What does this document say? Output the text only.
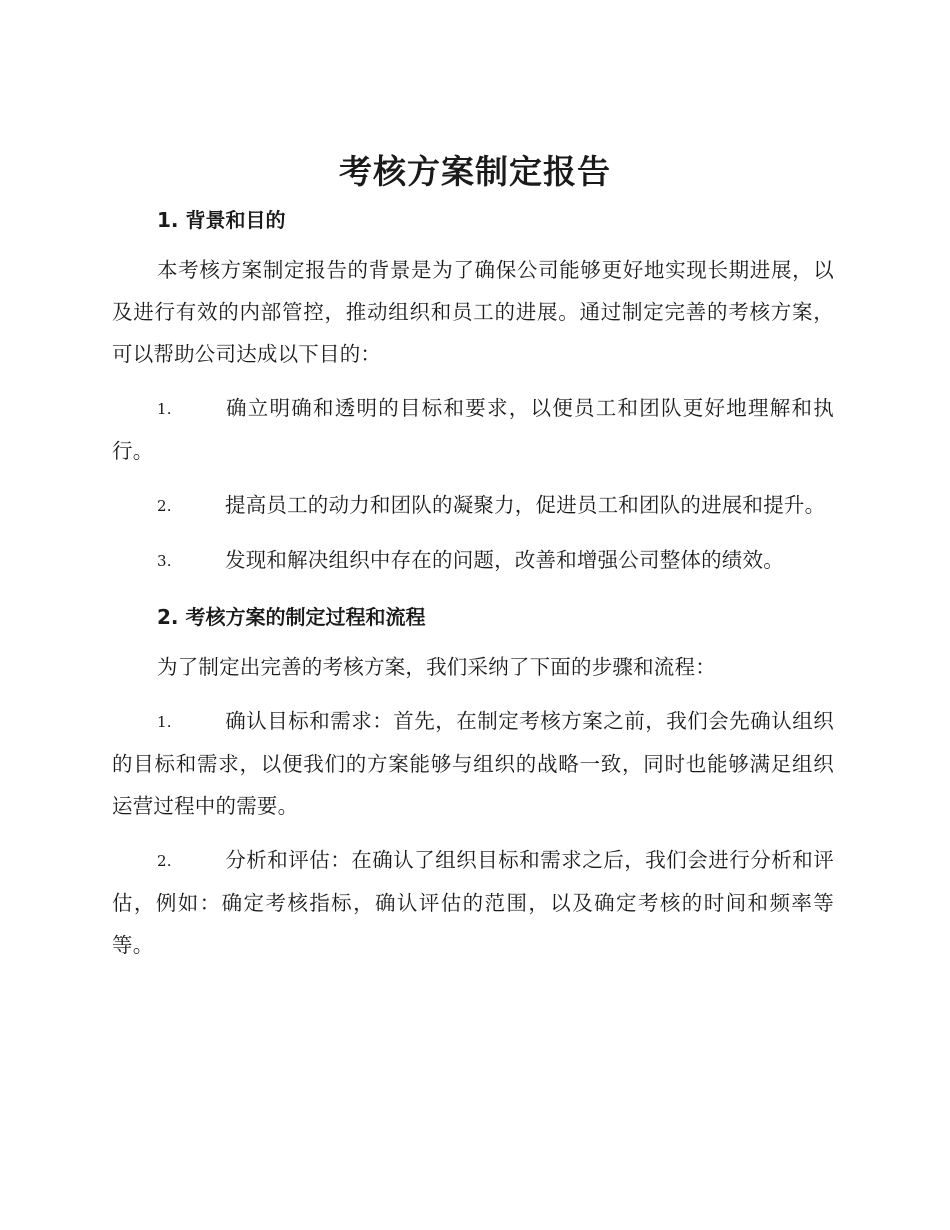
考核方案制定报告
1. 背景和目的

本考核方案制定报告的背景是为了确保公司能够更好地实现长期进展，以及进行有效的内部管控，推动组织和员工的进展。通过制定完善的考核方案，可以帮助公司达成以下目的：

1.	确立明确和透明的目标和要求，以便员工和团队更好地理解和执行。

2.	提高员工的动力和团队的凝聚力，促进员工和团队的进展和提升。

3.	发现和解决组织中存在的问题，改善和增强公司整体的绩效。

2. 考核方案的制定过程和流程

为了制定出完善的考核方案，我们采纳了下面的步骤和流程：

1.	确认目标和需求：首先，在制定考核方案之前，我们会先确认组织的目标和需求，以便我们的方案能够与组织的战略一致，同时也能够满足组织运营过程中的需要。

2.	分析和评估：在确认了组织目标和需求之后，我们会进行分析和评估，例如：确定考核指标，确认评估的范围，以及确定考核的时间和频率等等。
